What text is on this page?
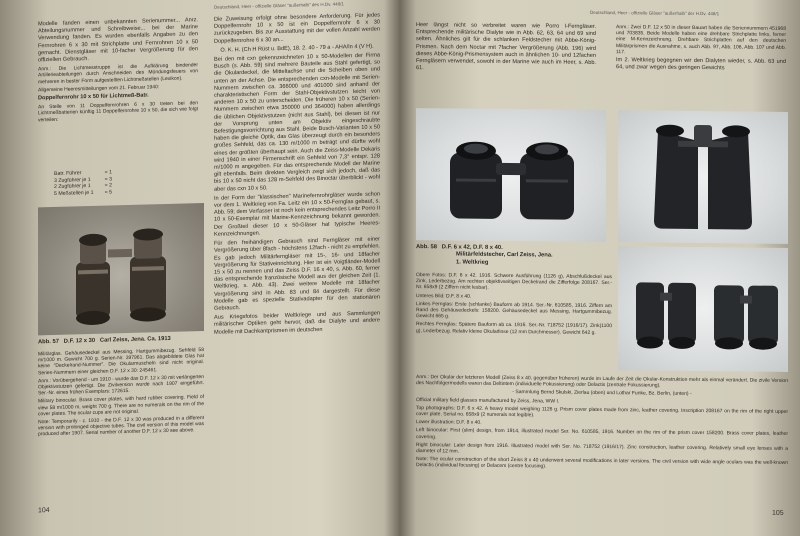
Deutschland, Heer - offizielle Gläser "außerhalb" des H.Dv. 448/1

Modelle fanden einen unbekannten Serienummer... Anrz. Abteilungsnummer und Schreibweise... bei der Marine Verwendung fanden. Es wurden ebenfalls Angaben zu den Fernrohren 6 x 30 mit Strichplatte und Fernrohren 10 x 50 gemacht. Dienstgläser mit 10-facher Vergrößerung für den offiziellen Gebrauch.

Anm.: Die Lichtmesstruppe ist die Aufklärung bindender Artillerieabteilungen durch Anschneiden des Mündungsfeuers von mehreren in bester Form aufgestellten Lichtmeßstellen (Lexikon).

Allgemeine Heeresmitteilungen vom 21. Februar 1940:

Doppelfernrohr 10 x 50 für Lichtmeß-Batr.

An Stelle von 11 Doppelfernrohren 6 x 30 treten bei den Lichtmeßbatterien künftig 11 Doppelfernrohre 10 x 50, die sich wie folgt verteilen:

Batr. Führer	= 1
3 Zugführer je 1	= 3
2 Zugführer je 1	= 2
5 Meßstellen je 1 = 5
Abb. 57 D.F. 12 x 30 Carl Zeiss, Jena. Ca. 1913

Militärglas. Gehäusedeckel aus Messing, Hartgummibezug. Sehfeld 58 m/1000 m. Gewicht 700 g. Serien-Nr. 397961. Das abgebildete Glas hat keine "Deckelrand-Nummer". Die Okularmuscheln sind nicht original. Serien-Nummern einer gleichen D.F. 12 x 30: 245461.

Anm.: Vorübergehend - um 1910 - wurde das D.F. 12 x 30 mit verlängerten Objektivstutzen gefertigt. Die Zivilversion wurde nach 1907 eingeführt. Ser.-Nr. eines frühen Exemplars: 172615.

Military binocular. Brass cover plates, with hard rubber covering. Field of view 58 m/1000 m, weight 700 g. There are no numerals on the rim of the cover plates. The ocular cups are not original.

Note: Temporarily - c. 1910 - the D.F. 12 x 30 was produced in a different version with prolonged objective tubes. The civil version of this model was produced after 1907. Serial number of another D.F. 12 x 30 see above.

Die Zuweisung erfolgt ohne besondere Anforderung. Für jedes Doppelfernrohr 10 x 50 ist ein Doppelfernrohr 6 x 30 zurückzugeben. Bis zur Ausstattung mit der vollen Anzahl werden Doppelfernrohre 6 x 30 an...

O. K. H. (Ch H Rüst u. BdE), 18. 2. 40 - 79 a - AHA/In 4 (V H).

Bei den mit cxn gekennzeichneten 10 x 50-Modellen der Firma Busch (s. Abb. 59) sind mehrere Bauteile aus Stahl gefertigt, so die Okulardeckel, die Mitteltachse und die Scheiben oben und unten an der Achse. Die entsprechenden cxn-Modelle mit Serien-Nummern zwischen ca. 366000 und 401000 sind anhand der charakteristischen Form der Stahl-Objektivstutzen leicht von anderen 10 x 50 zu unterscheiden. Die früheren 10 x 50 (Serien-Nummern zwischen etwa 350000 und 364000) haben allerdings die üblichen Objektivstutzen (nicht aus Stahl), bei diesen ist nur der Vorsprung unten am Objektiv eingeschraubte Befestigungsvorrichtung aus Stahl. Beide Busch-Varianten 10 x 50 haben die gleiche Optik, das Glas überzeugt durch ein besonders großes Sehfeld, das ca. 130 m/1000 m beträgt und dürfte wohl eines der größten überhaupt sein. Auch die Zeiss-Modelle Dekaris wird 1940 in einer Firmenschrift ein Sehfeld von 7,3° entspr. 128 m/1000 m angegeben. Für das entsprechende Modell der Marine gilt ebenfalls. Beim direkten Vergleich zeigt sich jedoch, daß das bis 10 x 50 nicht das 128 m-Sehfeld des Binoctar überblickt - wohl aber das cxn 10 x 50.

In der Form der "klassischen" Marinefernrohrgläser wurde schon vor dem 1. Weltkrieg von Fa. Leitz ein 10 x 50-Fernglas gebaut, s. Abb. 59; dem Verfasser ist noch kein entsprechendes Leitz Porro II 10 x 50-Exemplar mit Marine-Kennzeichnung bekannt geworden. Der Großteil dieser 10 x 50-Gläser hat typische Heeres-Kennzeichnungen.

Für den freihändigen Gebrauch sind Ferngläser mit einer Vergrößerung über 8fach - höchstens 12fach - nicht zu empfehlen. Es gab jedoch Militärferngläser mit 15-, 16- und 18facher Vergrößerung für Stativeinrichtung. Hier ist ein Voigtländer-Modell 15 x 50 zu nennen und das Zeiss D.F. 16 x 40, s. Abb. 60, ferner das entsprechende französische Modell aus der gleichen Zeit (1. Weltkrieg, s. Abb. 43). Zwei weitere Modelle mit 18facher Vergrößerung sind in Abb. 83 und 84 dargestellt. Für diese Modelle gab es spezielle Stativadapter für den stationären Gebrauch.

Aus Kriegsfotos beider Weltkriege und aus Sammlungen militärischer Optiken geht hervor, daß die Dialyte und andere Modelle mit Dachkantprismen im deutschen

104
Deutschland, Heer - offizielle Gläser "außerhalb" der H.Dv. 448/1

Heer längst nicht so verbreitet waren wie Porro I-Ferngläser. Entsprechende militärische Dialyte wie in Abb. 62, 63, 64 und 69 sind selten. Ähnliches gilt für die schlanken Feldstecher mit Abbe-König-Prismen. Nach dem Noctar mit 7facher Vergrößerung (Abb. 196) wird dieses Abbe-König-Prismensystem auch in ähnlichen 10- und 12fachen Ferngläsern verwendet, sowohl in der Marine wie auch im Heer, s. Abb. 61.

Anm.: Zwei D.F. 12 x 50 in dieser Bauart haben die Seriennummern 451968 und 703835. Beide Modelle haben eine drehbare Strichplatte links, ferner eine M-Kennzeichnung. Drehbare Strichplatten auf den deutschen Militärprismen die Ausnahme, s. auch Abb. 97, Abb. 106, Abb. 107 und Abb. 117.

Im 2. Weltkrieg begegnen wir den Dialyten wieder, s. Abb. 63 und 64, und zwar wegen des geringen Gewichts

Abb. 58 D.F. 6 x 42, D.F. 8 x 40.
Militärfeldstecher, Carl Zeiss, Jena.
1. Weltkrieg

Obere Fotos: D.F. 6 x 42. 1916. Schwere Ausführung (1126 g), Abschlußdeckel aus Zink, Lederbezug. Am rechten objektivseitigen Deckelrand die Zifferfolge 208167. Ser.-Nr. 658x9 (2 Ziffern nicht lesbar).

Unteres Bild: D.F. 8 x 40.

Linkes Fernglas: Erste (schlanke) Bauform ab 1914. Ser.-Nr. 610585, 1916. Ziffern am Rand des Gehäusedeckels: 158200. Gehäusedeckel aus Messing, Hartgummibezug. Gewicht 665 g.

Rechtes Fernglas: Spätere Bauform ab ca. 1916. Ser.-Nr. 718752 (1916/17). Zink(1100 g), Lederbezug. Relativ kleine Okularlinse (12 mm Durchmesser). Gewicht 642 g.

Anm.: Der Okular der letzteren Modell (Zeiss 8 x 40, gegenüber früheren) wurde im Laufe der Zeit die Okular-Konstruktion mehr als einmal verändert. Die zivile Version des Nachfolgermodells waren das Deltintem (individuelle Fokussierung) oder Delactis (zentrale Fokussierung).

- Sammlung Bernd Skulski, Zierlau (oben) und Lothar Funke, Bz. Berlin, (unten) -

Official military field glasses manufactured by Zeiss, Jena, WW I.

Top photographs: D.F. 6 x 42. A heavy model weighing 1126 g. Prism cover plates made from zinc, leather covering. Inscription 208167 on the rim of the right upper cover plate. Serial no. 658x9 (2 numerals not legible).

Lower illustration: D.F. 8 x 40.

Left binocular: First (slim) design, from 1914, illustrated model Ser. No. 610585, 1916. Number on the rim of the prism cover 158200. Brass cover plates, leather covering.

Right binocular: Later design from 1916. Illustrated model with Ser. No. 718752 (1916/17). Zinc construction, leather covering. Relatively small eye lenses with a diameter of 12 mm.

Note: The ocular construction of the short Zeiss 8 x 40 underwent several modifications in later versions. The civil version with wide angle oculars was the well-known Delactis (individual focusing) or Delacem (centre focusing).

105
